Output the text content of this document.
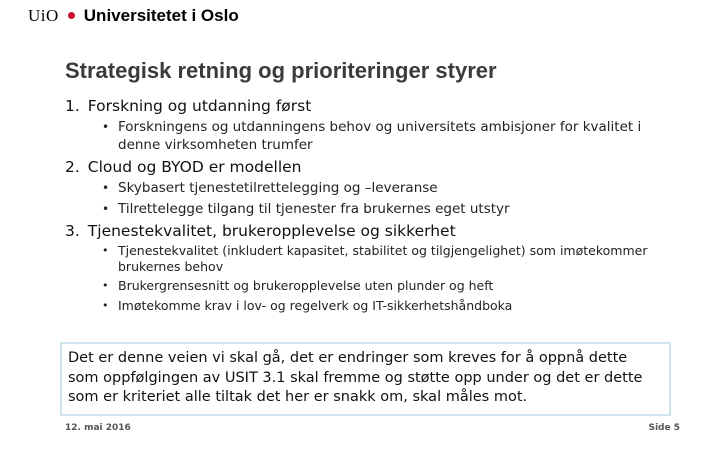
UiO Universitetet i Oslo
Strategisk retning og prioriteringer styrer
1. Forskning og utdanning først
• Forskningens og utdanningens behov og universitets ambisjoner for kvalitet i denne virksomheten trumfer
2. Cloud og BYOD er modellen
• Skybasert tjenestetilrettelegging og –leveranse
• Tilrettelegge tilgang til tjenester fra brukernes eget utstyr
3. Tjenestekvalitet, brukeropplevelse og sikkerhet
• Tjenestekvalitet (inkludert kapasitet, stabilitet og tilgjengelighet) som imøtekommer brukernes behov
• Brukergrensesnitt og brukeropplevelse uten plunder og heft
• Imøtekomme krav i lov- og regelverk og IT-sikkerhetshåndboka
Det er denne veien vi skal gå, det er endringer som kreves for å oppnå dette som oppfølgingen av USIT 3.1 skal fremme og støtte opp under og det er dette som er kriteriet alle tiltak det her er snakk om, skal måles mot.
12. mai 2016	Side 5
